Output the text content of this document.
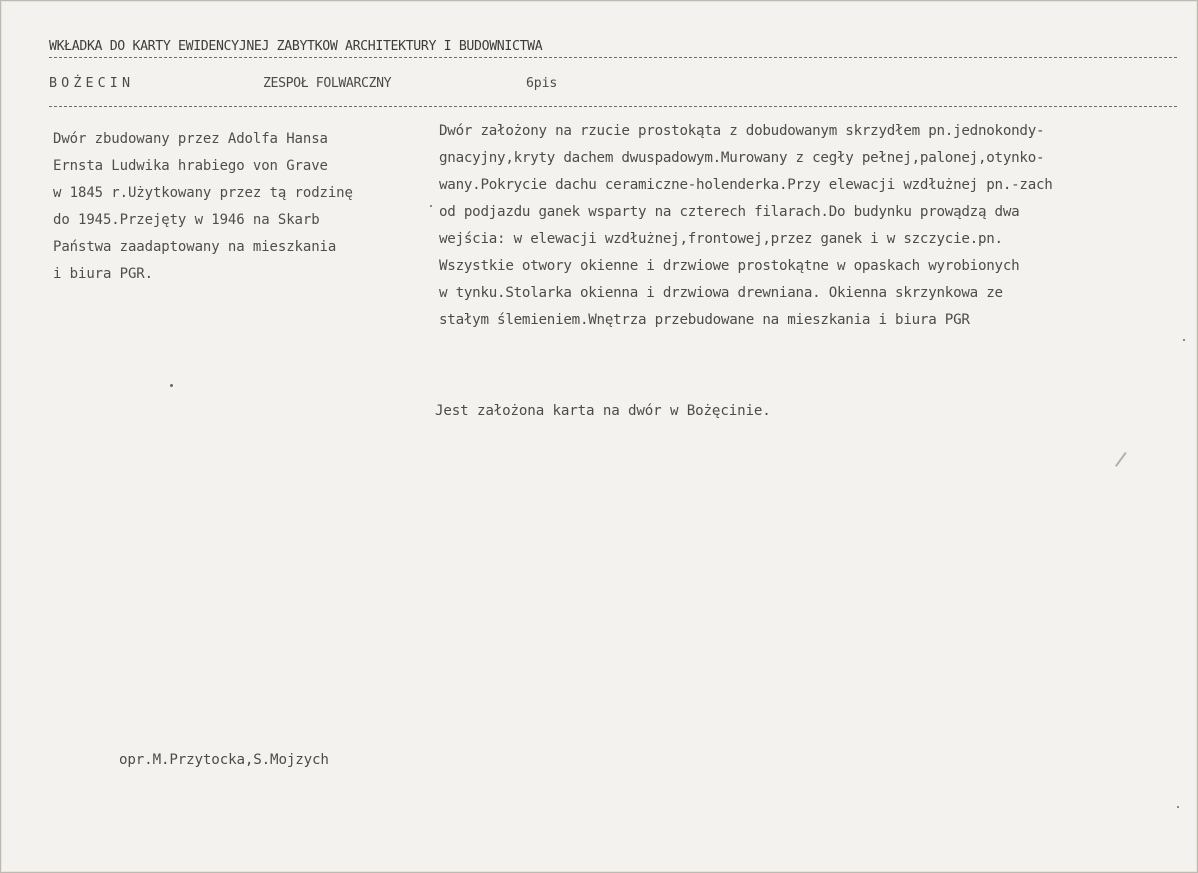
WKŁADKA DO KARTY EWIDENCYJNEJ ZABYTKOW ARCHITEKTURY I BUDOWNICTWA
BOŻECIN	ZESPOŁ FOLWARCZNY	6pis
Dwór zbudowany przez Adolfa Hansa
Ernsta Ludwika hrabiego von Grave
w 1845 r.Użytkowany przez tą rodzinę
do 1945.Przejęty w 1946 na Skarb
Państwa zaadaptowany na mieszkania
i biura PGR.
Dwór założony na rzucie prostokąta z dobudowanym skrzydłem pn.jednokondy-
gnacyjny,kryty dachem dwuspadowym.Murowany z cegły pełnej,palonej,otynko-
wany.Pokrycie dachu ceramiczne-holenderka.Przy elewacji wzdłużnej pn.-zach
od podjazdu ganek wsparty na czterech filarach.Do budynku prowądzą dwa
wejścia: w elewacji wzdłużnej,frontowej,przez ganek i w szczycie.pn.
Wszystkie otwory okienne i drzwiowe prostokątne w opaskach wyrobionych
w tynku.Stolarka okienna i drzwiowa drewniana. Okienna skrzynkowa ze
stałym ślemieniem.Wnętrza przebudowane na mieszkania i biura PGR
Jest założona karta na dwór w Bożęcinie.
opr.M.Przytocka,S.Mojzych
